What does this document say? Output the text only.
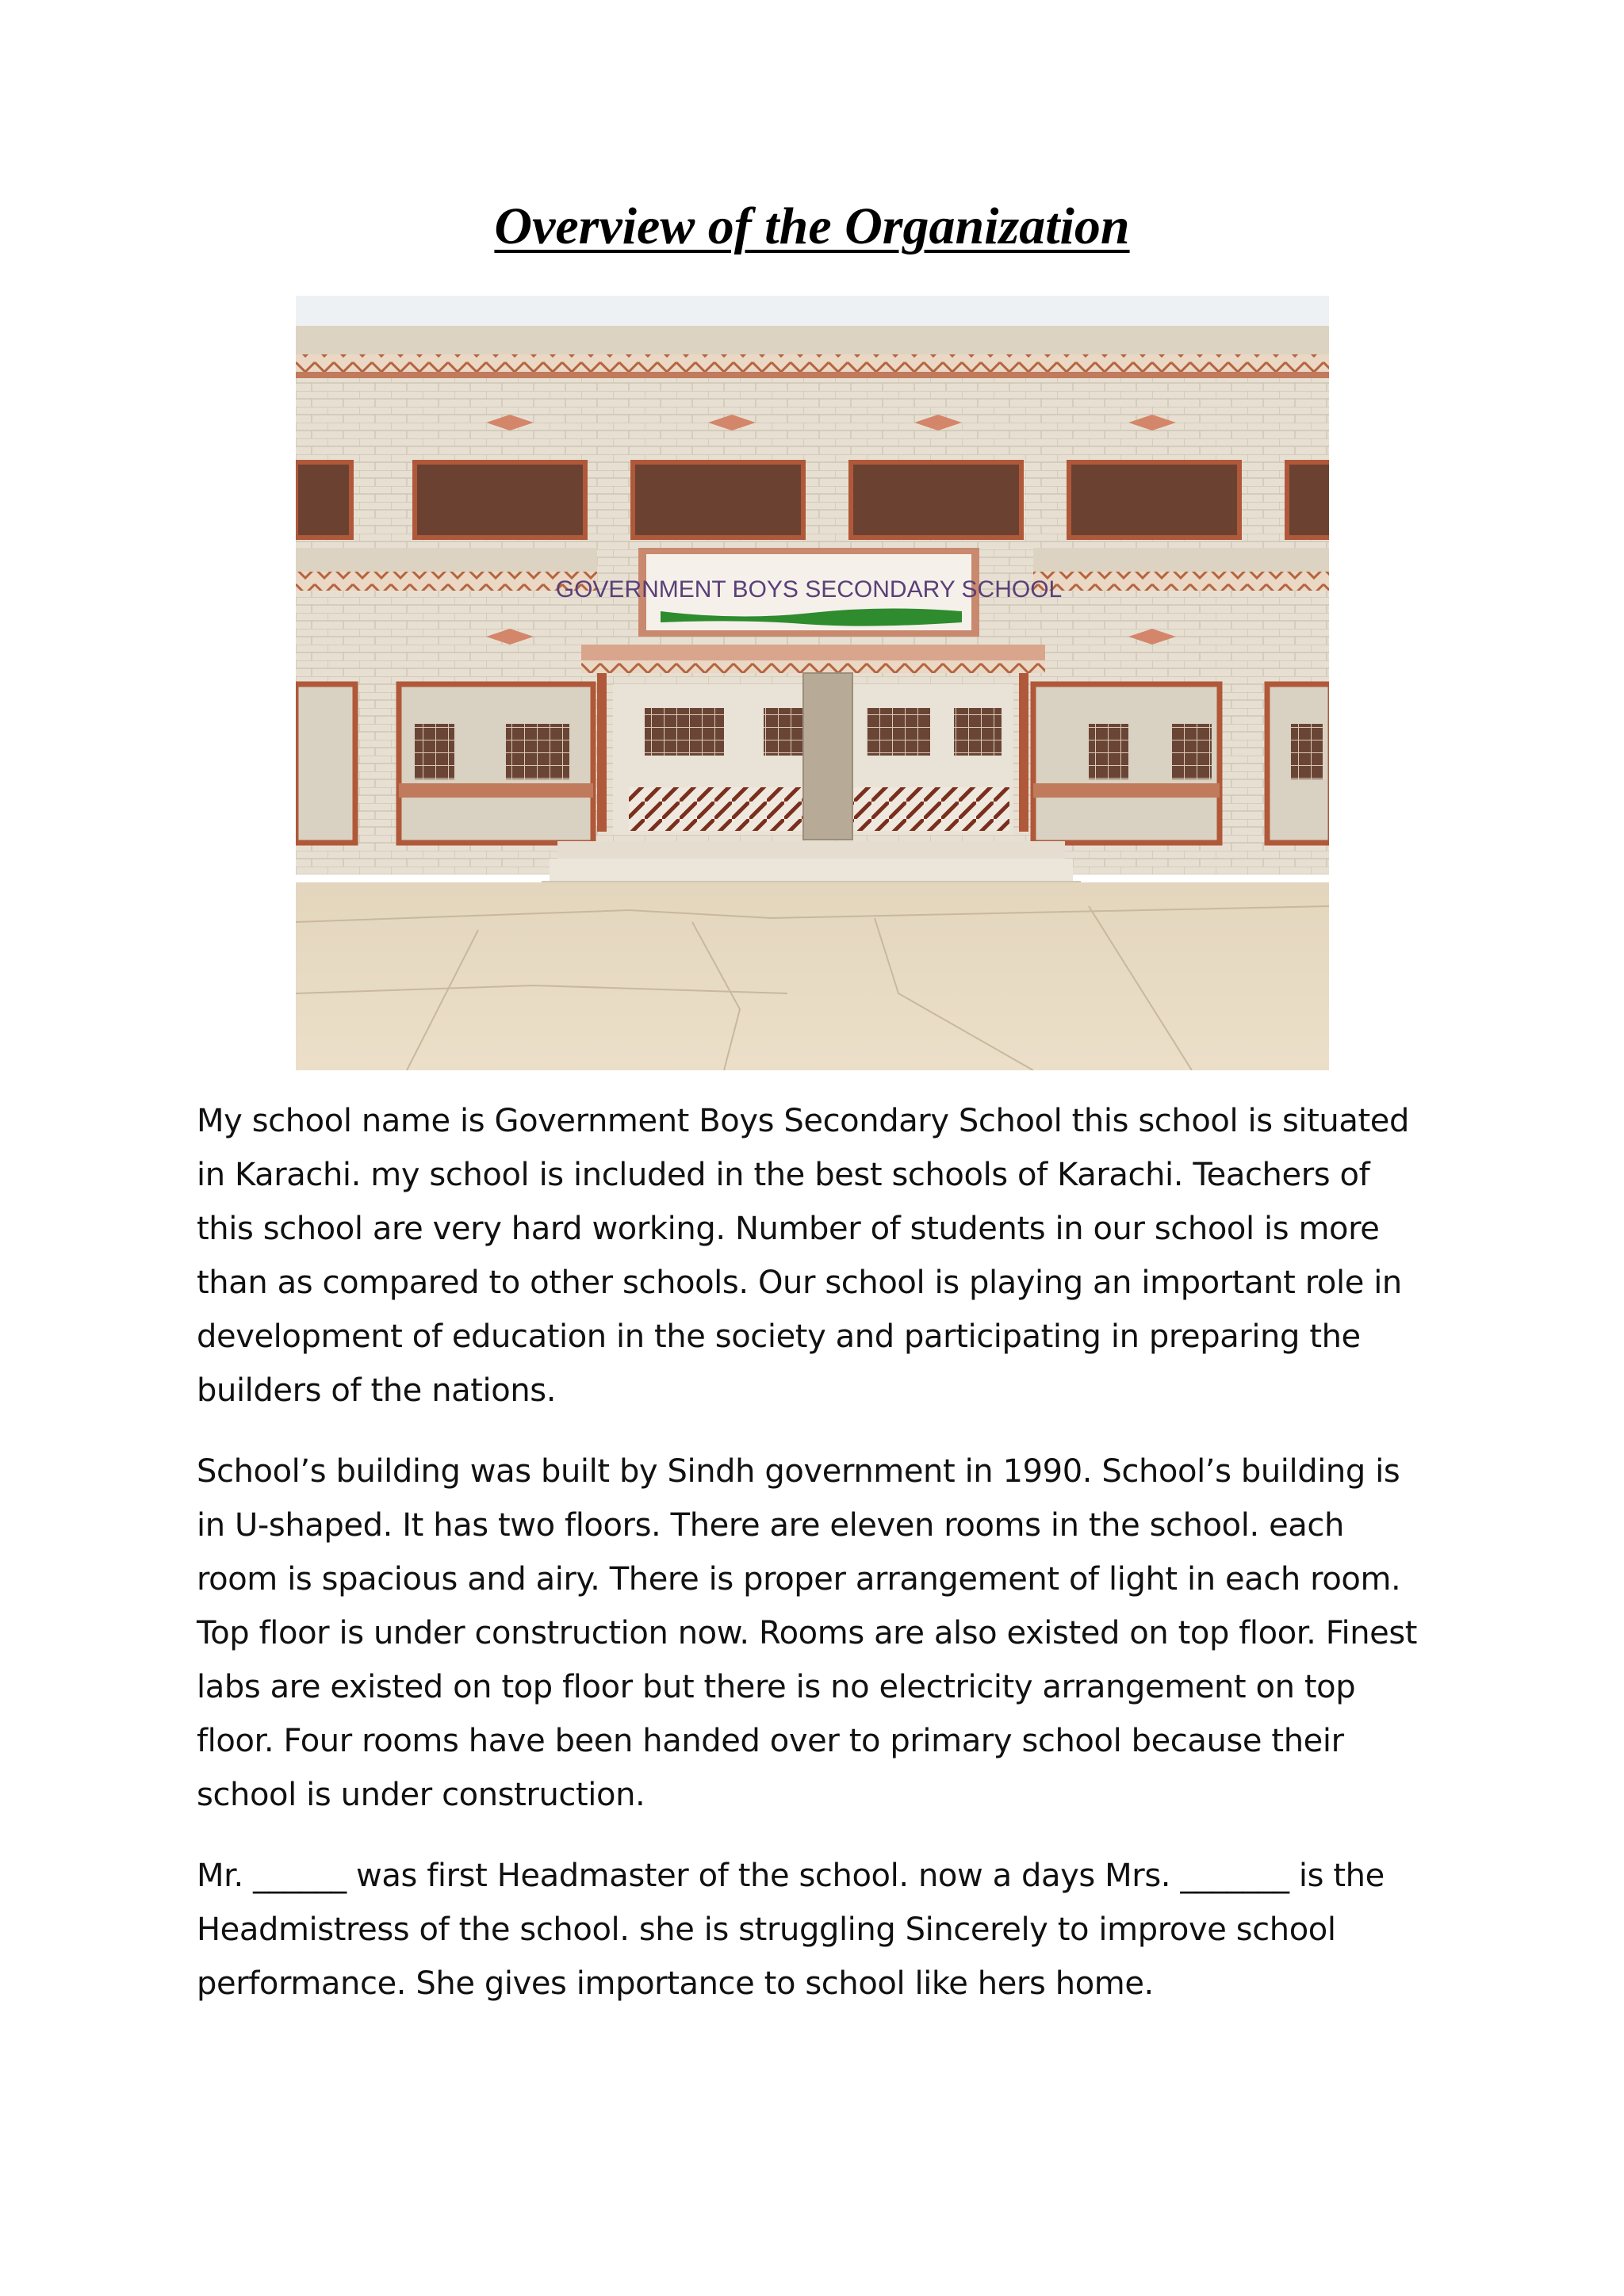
Overview of the Organization
GOVERNMENT BOYS SECONDARY SCHOOL

My school name is Government Boys Secondary School this school is situated in Karachi. my school is included in the best schools of Karachi. Teachers of this school are very hard working. Number of students in our school is more than as compared to other schools. Our school is playing an important role in development of education in the society and participating in preparing the builders of the nations.

School’s building was built by Sindh government in 1990. School’s building is in U-shaped. It has two floors. There are eleven rooms in the school. each room is spacious and airy. There is proper arrangement of light in each room. Top floor is under construction now. Rooms are also existed on top floor. Finest labs are existed on top floor but there is no electricity arrangement on top floor. Four rooms have been handed over to primary school because their school is under construction.

Mr. ______ was first Headmaster of the school. now a days Mrs. _______ is the Headmistress of the school. she is struggling Sincerely to improve school performance. She gives importance to school like hers home.
